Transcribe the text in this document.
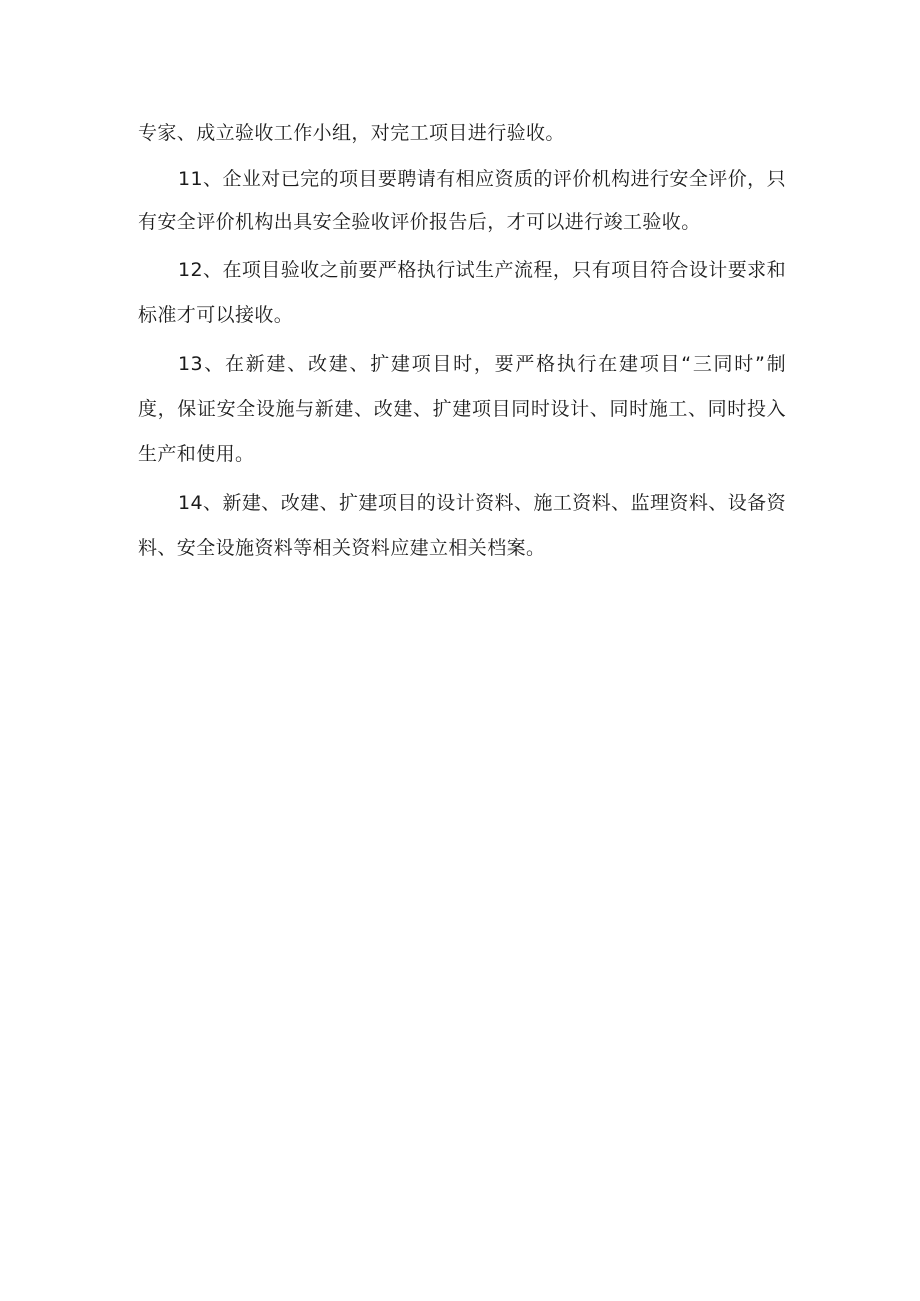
专家、成立验收工作小组，对完工项目进行验收。

11、企业对已完的项目要聘请有相应资质的评价机构进行安全评价，只有安全评价机构出具安全验收评价报告后，才可以进行竣工验收。

12、在项目验收之前要严格执行试生产流程，只有项目符合设计要求和标准才可以接收。

13、在新建、改建、扩建项目时，要严格执行在建项目“三同时”制度，保证安全设施与新建、改建、扩建项目同时设计、同时施工、同时投入生产和使用。

14、新建、改建、扩建项目的设计资料、施工资料、监理资料、设备资料、安全设施资料等相关资料应建立相关档案。
